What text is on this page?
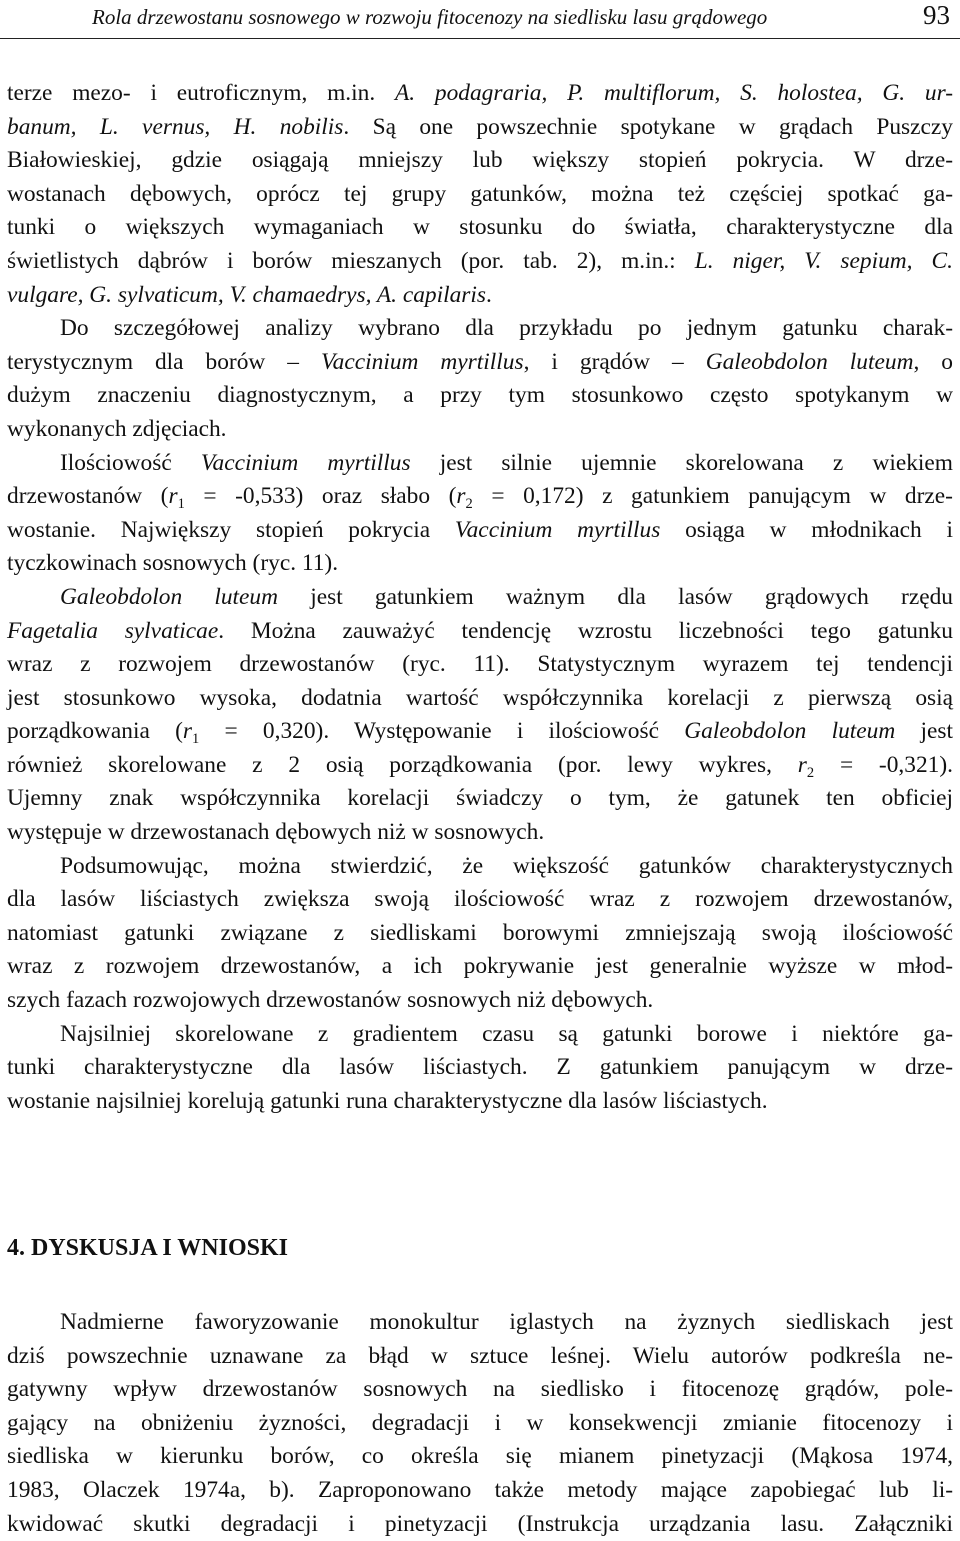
Rola drzewostanu sosnowego w rozwoju fitocenozy na siedlisku lasu grądowego	93
terze mezo- i eutroficznym, m.in. A. podagraria, P. multiflorum, S. holostea, G. ur-
banum, L. vernus, H. nobilis. Są one powszechnie spotykane w grądach Puszczy
Białowieskiej, gdzie osiągają mniejszy lub większy stopień pokrycia. W drze-
wostanach dębowych, oprócz tej grupy gatunków, można też częściej spotkać ga-
tunki o większych wymaganiach w stosunku do światła, charakterystyczne dla
świetlistych dąbrów i borów mieszanych (por. tab. 2), m.in.: L. niger, V. sepium, C.
vulgare, G. sylvaticum, V. chamaedrys, A. capilaris.
Do szczegółowej analizy wybrano dla przykładu po jednym gatunku charak-
terystycznym dla borów – Vaccinium myrtillus, i grądów – Galeobdolon luteum, o
dużym znaczeniu diagnostycznym, a przy tym stosunkowo często spotykanym w
wykonanych zdjęciach.
Ilościowość Vaccinium myrtillus jest silnie ujemnie skorelowana z wiekiem
drzewostanów $(r_1 = -0,533)$ oraz słabo $(r_2 = 0,172)$ z gatunkiem panującym w drze-
wostanie. Największy stopień pokrycia Vaccinium myrtillus osiąga w młodnikach i
tyczkowinach sosnowych (ryc. 11).
Galeobdolon luteum jest gatunkiem ważnym dla lasów grądowych rzędu
Fagetalia sylvaticae. Można zauważyć tendencję wzrostu liczebności tego gatunku
wraz z rozwojem drzewostanów (ryc. 11). Statystycznym wyrazem tej tendencji
jest stosunkowo wysoka, dodatnia wartość współczynnika korelacji z pierwszą osią
porządkowania $(r_1 = 0,320)$. Występowanie i ilościowość Galeobdolon luteum jest
również skorelowane z 2 osią porządkowania (por. lewy wykres, $r_2 = -0,321$).
Ujemny znak współczynnika korelacji świadczy o tym, że gatunek ten obficiej
występuje w drzewostanach dębowych niż w sosnowych.
Podsumowując, można stwierdzić, że większość gatunków charakterystycznych
dla lasów liściastych zwiększa swoją ilościowość wraz z rozwojem drzewostanów,
natomiast gatunki związane z siedliskami borowymi zmniejszają swoją ilościowość
wraz z rozwojem drzewostanów, a ich pokrywanie jest generalnie wyższe w młod-
szych fazach rozwojowych drzewostanów sosnowych niż dębowych.
Najsilniej skorelowane z gradientem czasu są gatunki borowe i niektóre ga-
tunki charakterystyczne dla lasów liściastych. Z gatunkiem panującym w drze-
wostanie najsilniej korelują gatunki runa charakterystyczne dla lasów liściastych.
4. DYSKUSJA I WNIOSKI
Nadmierne faworyzowanie monokultur iglastych na żyznych siedliskach jest
dziś powszechnie uznawane za błąd w sztuce leśnej. Wielu autorów podkreśla ne-
gatywny wpływ drzewostanów sosnowych na siedlisko i fitocenozę grądów, pole-
gający na obniżeniu żyzności, degradacji i w konsekwencji zmianie fitocenozy i
siedliska w kierunku borów, co określa się mianem pinetyzacji (Mąkosa 1974,
1983, Olaczek 1974a, b). Zaproponowano także metody mające zapobiegać lub li-
kwidować skutki degradacji i pinetyzacji (Instrukcja urządzania lasu. Załączniki
